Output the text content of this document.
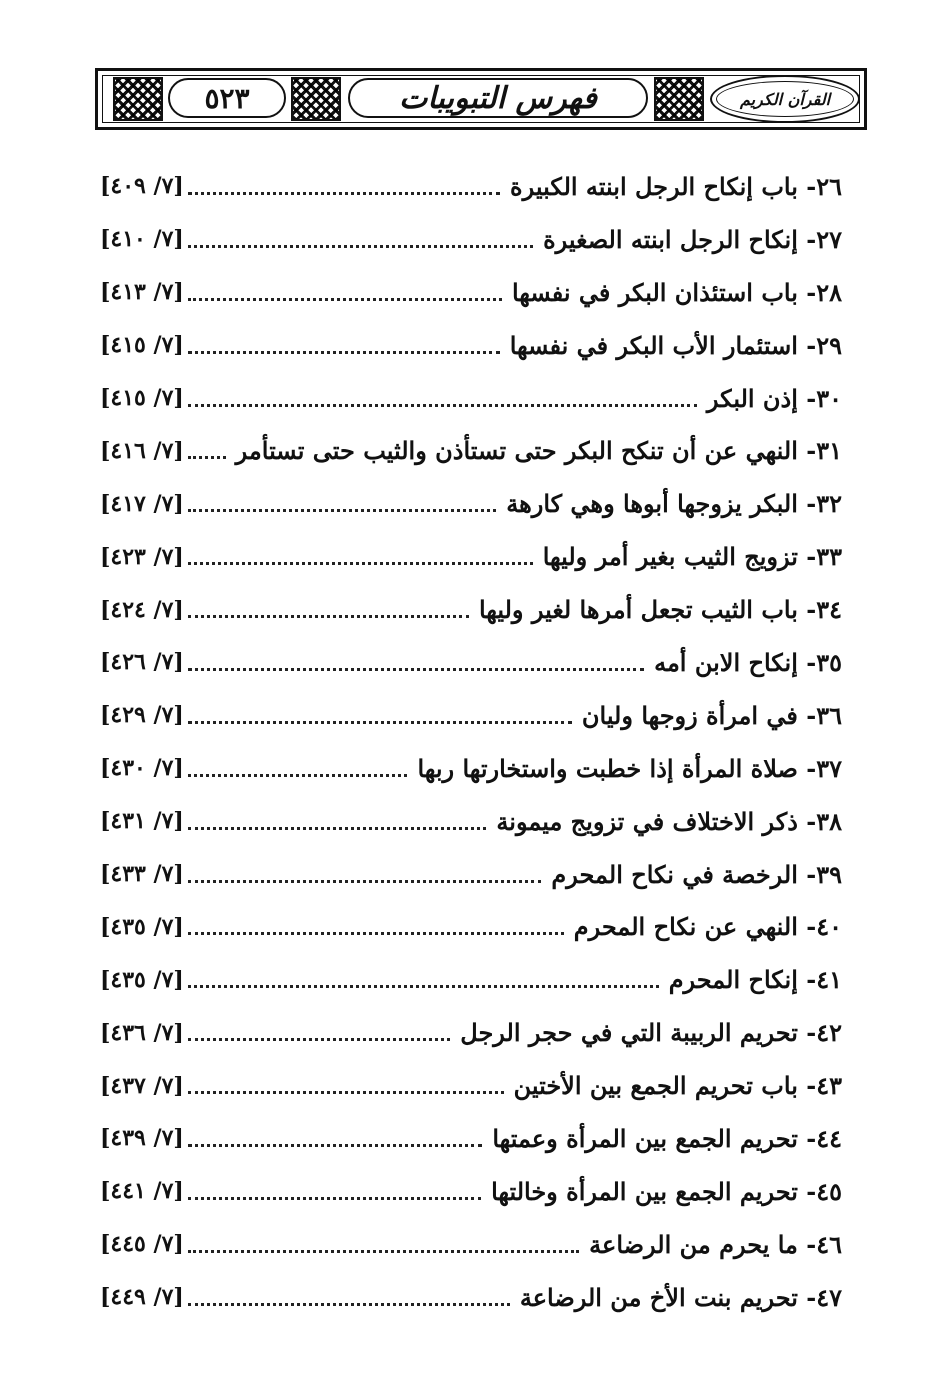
٥٢٣	فهرس التبويبات	القرآن الكريم
٢٦- باب إنكاح الرجل ابنته الكبيرة
[٧/ ٤٠٩]
٢٧- إنكاح الرجل ابنته الصغيرة
[٧/ ٤١٠]
٢٨- باب استئذان البكر في نفسها
[٧/ ٤١٣]
٢٩- استئمار الأب البكر في نفسها
[٧/ ٤١٥]
٣٠- إذن البكر
[٧/ ٤١٥]
٣١- النهي عن أن تنكح البكر حتى تستأذن والثيب حتى تستأمر
[٧/ ٤١٦]
٣٢- البكر يزوجها أبوها وهي كارهة
[٧/ ٤١٧]
٣٣- تزويج الثيب بغير أمر وليها
[٧/ ٤٢٣]
٣٤- باب الثيب تجعل أمرها لغير وليها
[٧/ ٤٢٤]
٣٥- إنكاح الابن أمه
[٧/ ٤٢٦]
٣٦- في امرأة زوجها وليان
[٧/ ٤٢٩]
٣٧- صلاة المرأة إذا خطبت واستخارتها ربها
[٧/ ٤٣٠]
٣٨- ذكر الاختلاف في تزويج ميمونة
[٧/ ٤٣١]
٣٩- الرخصة في نكاح المحرم
[٧/ ٤٣٣]
٤٠- النهي عن نكاح المحرم
[٧/ ٤٣٥]
٤١- إنكاح المحرم
[٧/ ٤٣٥]
٤٢- تحريم الربيبة التي في حجر الرجل
[٧/ ٤٣٦]
٤٣- باب تحريم الجمع بين الأختين
[٧/ ٤٣٧]
٤٤- تحريم الجمع بين المرأة وعمتها
[٧/ ٤٣٩]
٤٥- تحريم الجمع بين المرأة وخالتها
[٧/ ٤٤١]
٤٦- ما يحرم من الرضاعة
[٧/ ٤٤٥]
٤٧- تحريم بنت الأخ من الرضاعة
[٧/ ٤٤٩]
